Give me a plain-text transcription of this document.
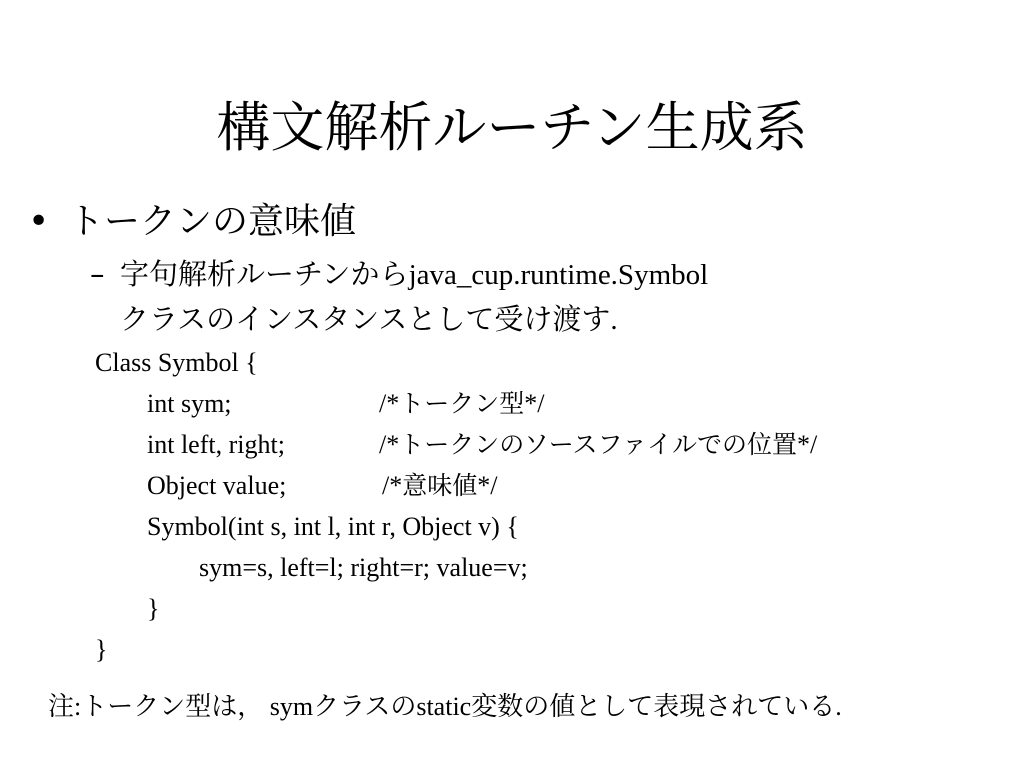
構文解析ルーチン生成系
• トークンの意味値
– 字句解析ルーチンからjava_cup.runtime.Symbol
クラスのインスタンスとして受け渡す.
Class Symbol {
int sym;	/*トークン型*/
int left, right;	/*トークンのソースファイルでの位置*/
Object value;	/*意味値*/
Symbol(int s, int l, int r, Object v) {
sym=s, left=l; right=r; value=v;
}
}
注:トークン型は， symクラスのstatic変数の値として表現されている.
